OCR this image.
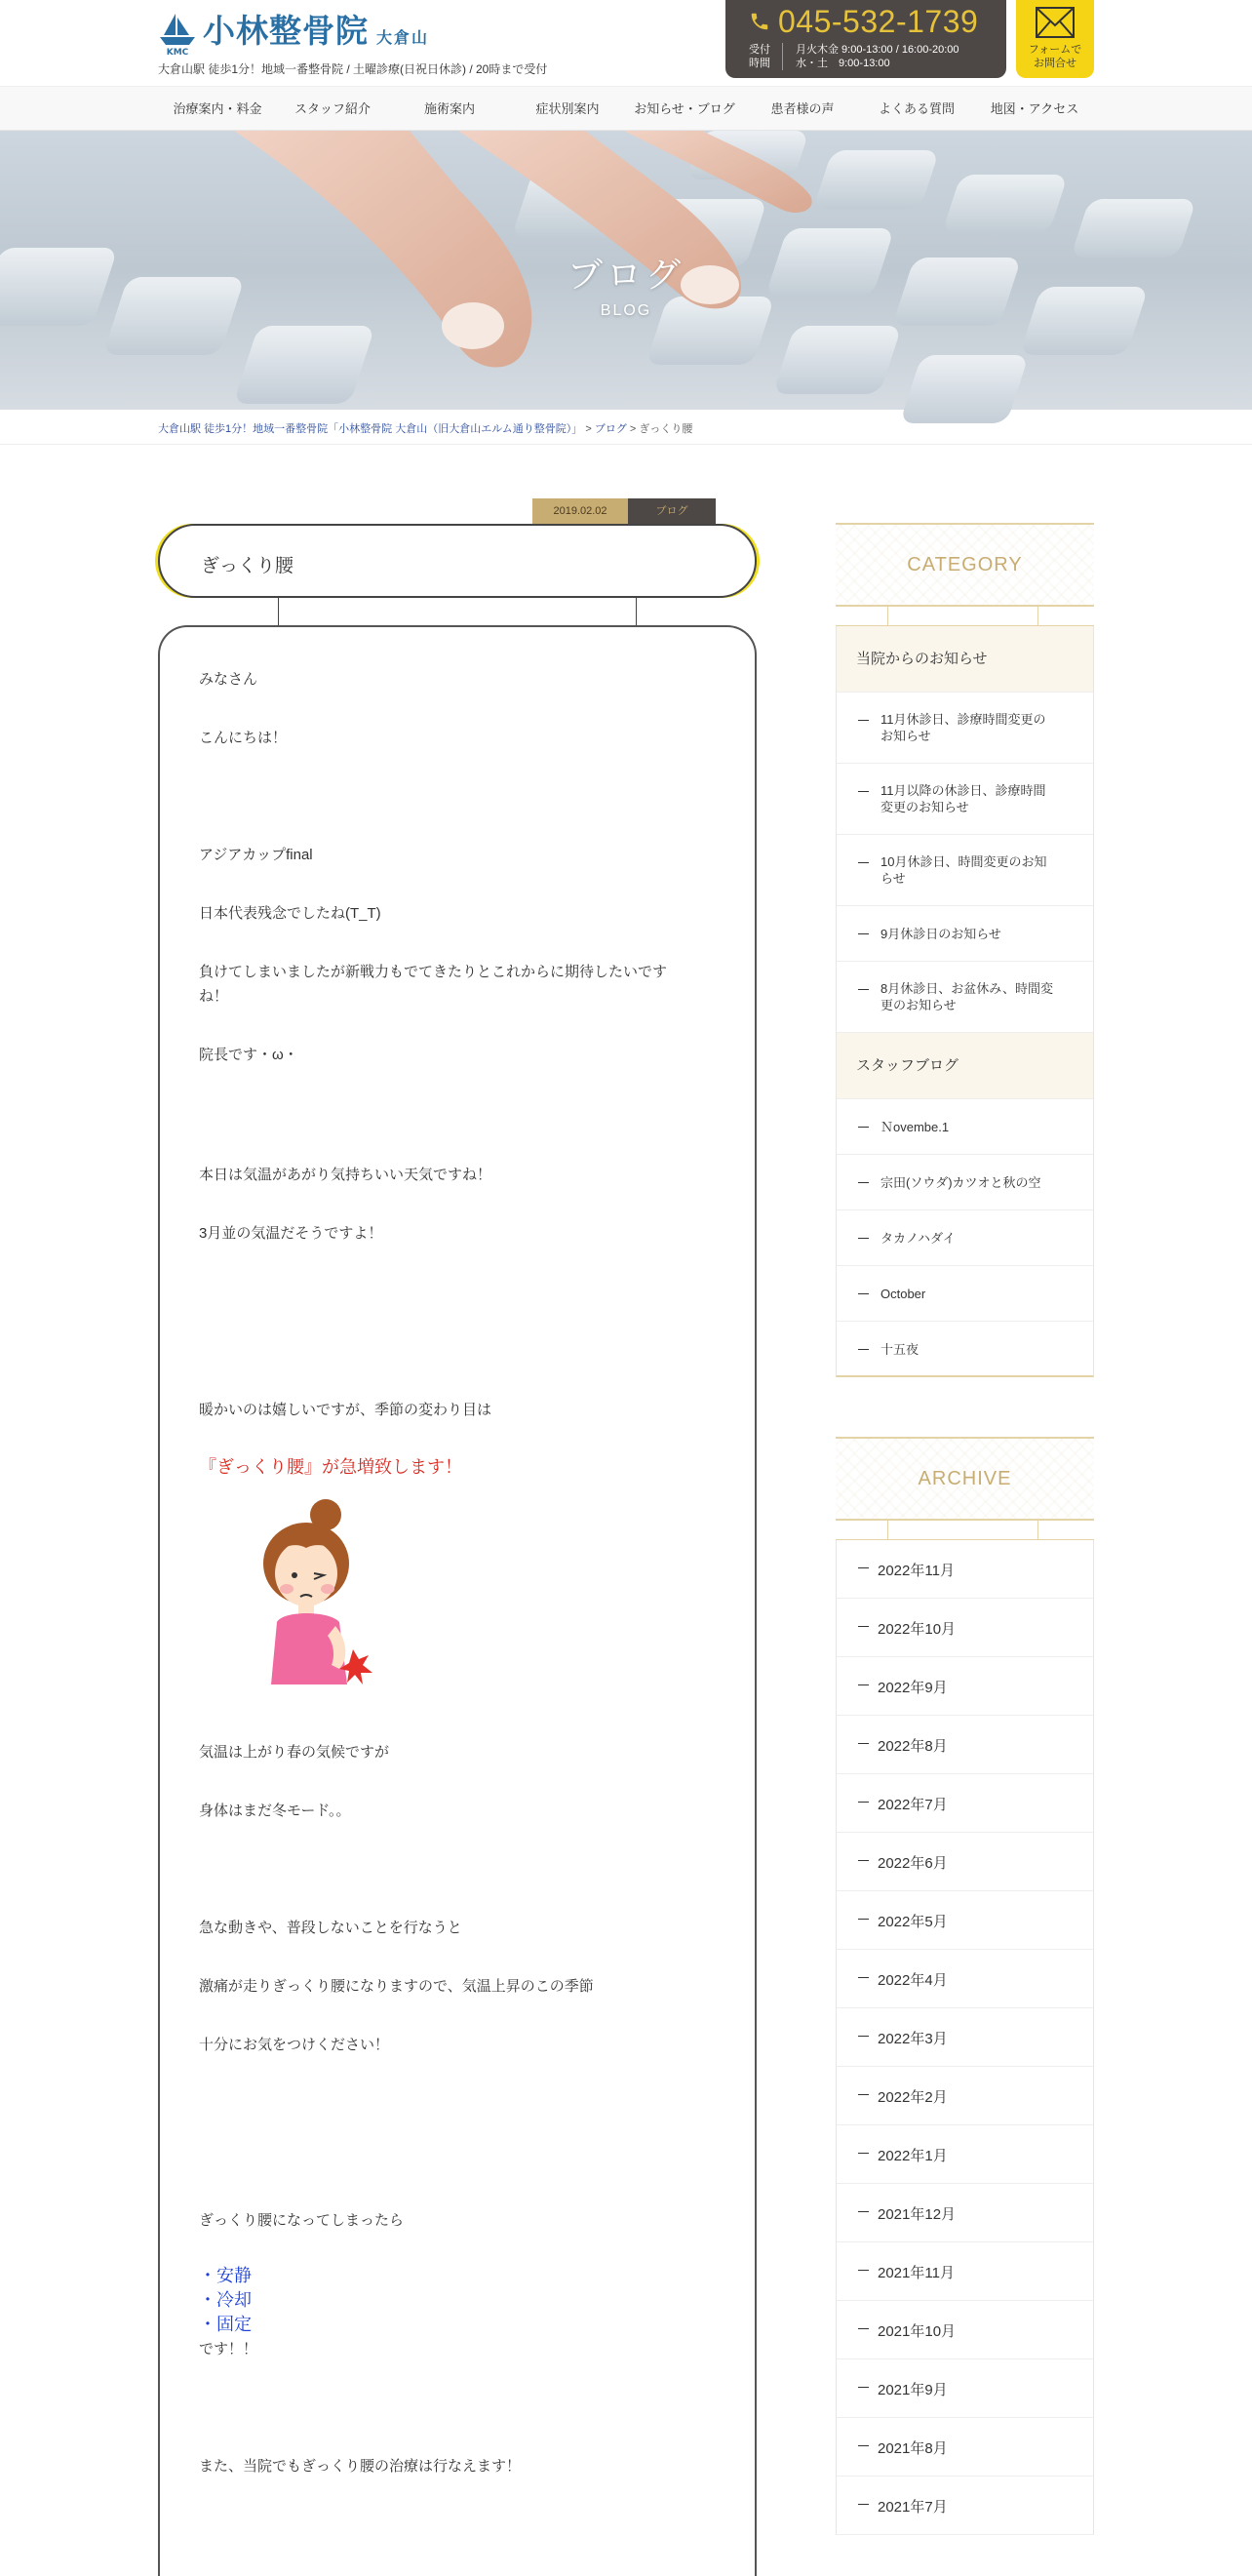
KMC
小林整骨院 大倉山
大倉山駅 徒歩1分！地域一番整骨院 / 土曜診療(日祝日休診) / 20時まで受付
045-532-1739
受付
時間
月火木金 9:00-13:00 / 16:00-20:00
水・土　9:00-13:00
フォームで
お問合せ
治療案内・料金	スタッフ紹介	施術案内	症状別案内	お知らせ・ブログ	患者様の声	よくある質問	地図・アクセス
ブログ
BLOG
大倉山駅 徒歩1分！地域一番整骨院「小林整骨院 大倉山（旧大倉山エルム通り整骨院）」 > ブログ > ぎっくり腰
2019.02.02	ブログ
ぎっくり腰
みなさん
こんにちは！
アジアカップfinal
日本代表残念でしたね(T_T)
負けてしまいましたが新戦力もでてきたりとこれからに期待したいです
ね！
院長です・ω・
本日は気温があがり気持ちいい天気ですね！
3月並の気温だそうですよ！
暖かいのは嬉しいですが、季節の変わり目は
『ぎっくり腰』が急増致します！
気温は上がり春の気候ですが
身体はまだ冬モード。。
急な動きや、普段しないことを行なうと
激痛が走りぎっくり腰になりますので、気温上昇のこの季節
十分にお気をつけください！
ぎっくり腰になってしまったら
・安静
・冷却
・固定
です！！
また、当院でもぎっくり腰の治療は行なえます！
CATEGORY
当院からのお知らせ
11月休診日、診療時間変更の
お知らせ
11月以降の休診日、診療時間
変更のお知らせ
10月休診日、時間変更のお知
らせ
9月休診日のお知らせ
8月休診日、お盆休み、時間変
更のお知らせ
スタッフブログ
Ｎovembe.1
宗田(ソウダ)カツオと秋の空
タカノハダイ
October
十五夜
ARCHIVE
2022年11月
2022年10月
2022年9月
2022年8月
2022年7月
2022年6月
2022年5月
2022年4月
2022年3月
2022年2月
2022年1月
2021年12月
2021年11月
2021年10月
2021年9月
2021年8月
2021年7月
